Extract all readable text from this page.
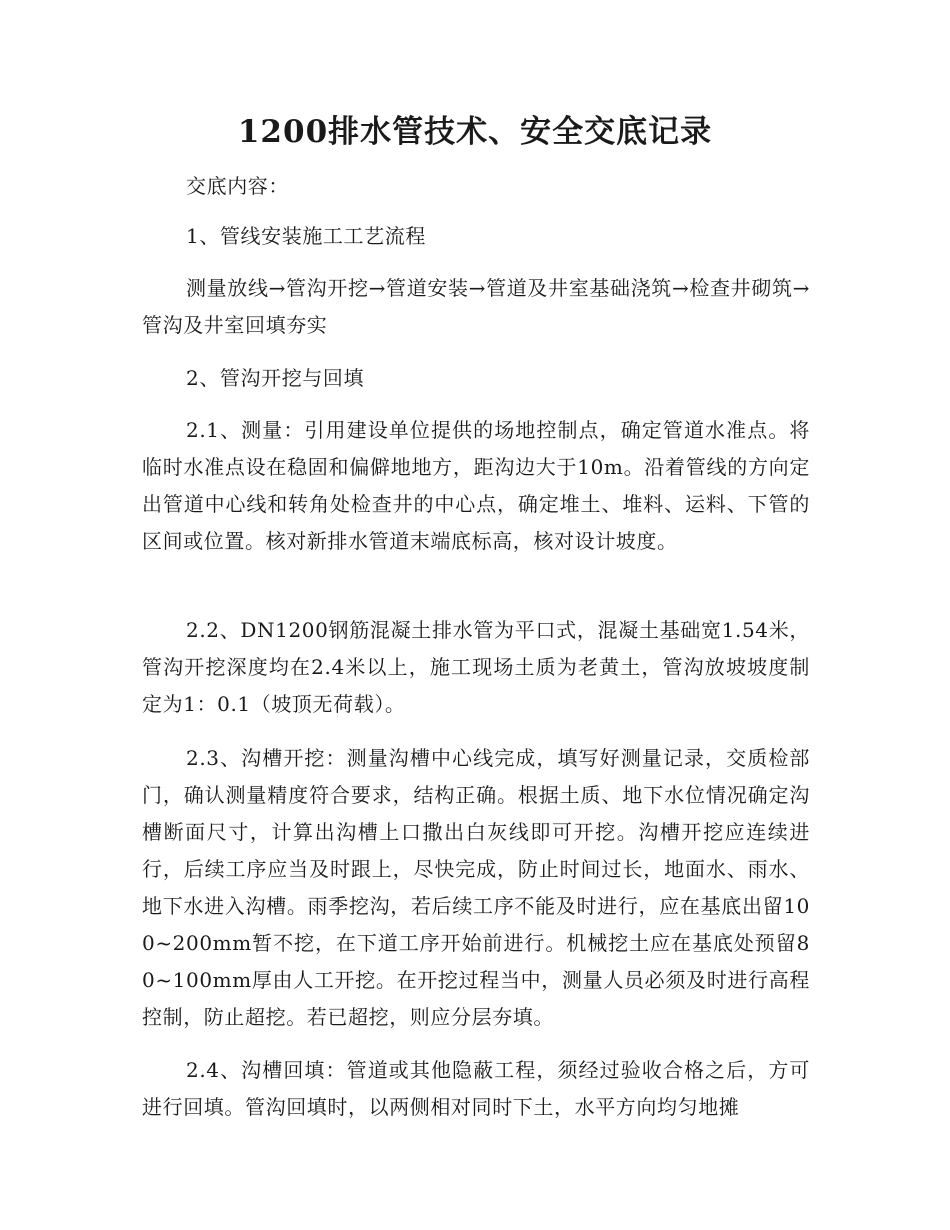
1200排水管技术、安全交底记录

交底内容：

1、管线安装施工工艺流程

测量放线→管沟开挖→管道安装→管道及井室基础浇筑→检查井砌筑→管沟及井室回填夯实

2、管沟开挖与回填

2.1、测量：引用建设单位提供的场地控制点，确定管道水准点。将临时水准点设在稳固和偏僻地地方，距沟边大于10m。沿着管线的方向定出管道中心线和转角处检查井的中心点，确定堆土、堆料、运料、下管的区间或位置。核对新排水管道末端底标高，核对设计坡度。

2.2、DN1200钢筋混凝土排水管为平口式，混凝土基础宽1.54米，管沟开挖深度均在2.4米以上，施工现场土质为老黄土，管沟放坡坡度制定为1：0.1（坡顶无荷载）。

2.3、沟槽开挖：测量沟槽中心线完成，填写好测量记录，交质检部门，确认测量精度符合要求，结构正确。根据土质、地下水位情况确定沟槽断面尺寸，计算出沟槽上口撒出白灰线即可开挖。沟槽开挖应连续进行，后续工序应当及时跟上，尽快完成，防止时间过长，地面水、雨水、地下水进入沟槽。雨季挖沟，若后续工序不能及时进行，应在基底出留100~200mm暂不挖，在下道工序开始前进行。机械挖土应在基底处预留80~100mm厚由人工开挖。在开挖过程当中，测量人员必须及时进行高程控制，防止超挖。若已超挖，则应分层夯填。

2.4、沟槽回填：管道或其他隐蔽工程，须经过验收合格之后，方可进行回填。管沟回填时，以两侧相对同时下土，水平方向均匀地摊
